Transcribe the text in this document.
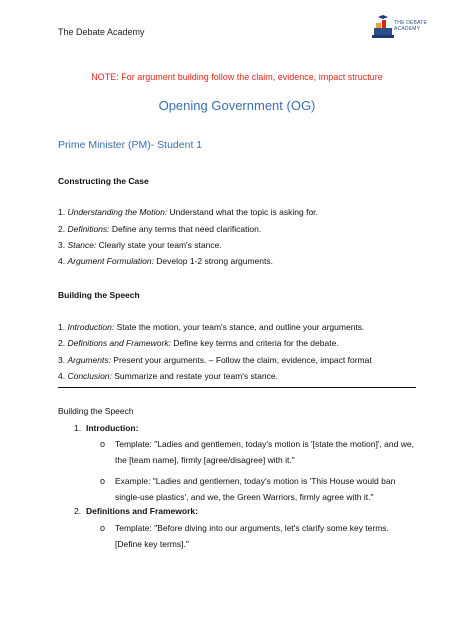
The Debate Academy
THE DEBATE
ACADEMY
NOTE: For argument building follow the claim, evidence, impact structure
Opening Government (OG)
Prime Minister (PM)- Student 1
Constructing the Case
1. Understanding the Motion: Understand what the topic is asking for.
2. Definitions: Define any terms that need clarification.
3. Stance: Clearly state your team's stance.
4. Argument Formulation: Develop 1-2 strong arguments.
Building the Speech
1. Introduction: State the motion, your team's stance, and outline your arguments.
2. Definitions and Framework: Define key terms and criteria for the debate.
3. Arguments: Present your arguments. – Follow the claim, evidence, impact format
4. Conclusion: Summarize and restate your team's stance.
Building the Speech
1. Introduction:
o Template: "Ladies and gentlemen, today's motion is '[state the motion]', and we, the [team name], firmly [agree/disagree] with it."
o Example: "Ladies and gentlemen, today's motion is 'This House would ban single-use plastics', and we, the Green Warriors, firmly agree with it."
2. Definitions and Framework:
o Template: "Before diving into our arguments, let's clarify some key terms. [Define key terms]."
